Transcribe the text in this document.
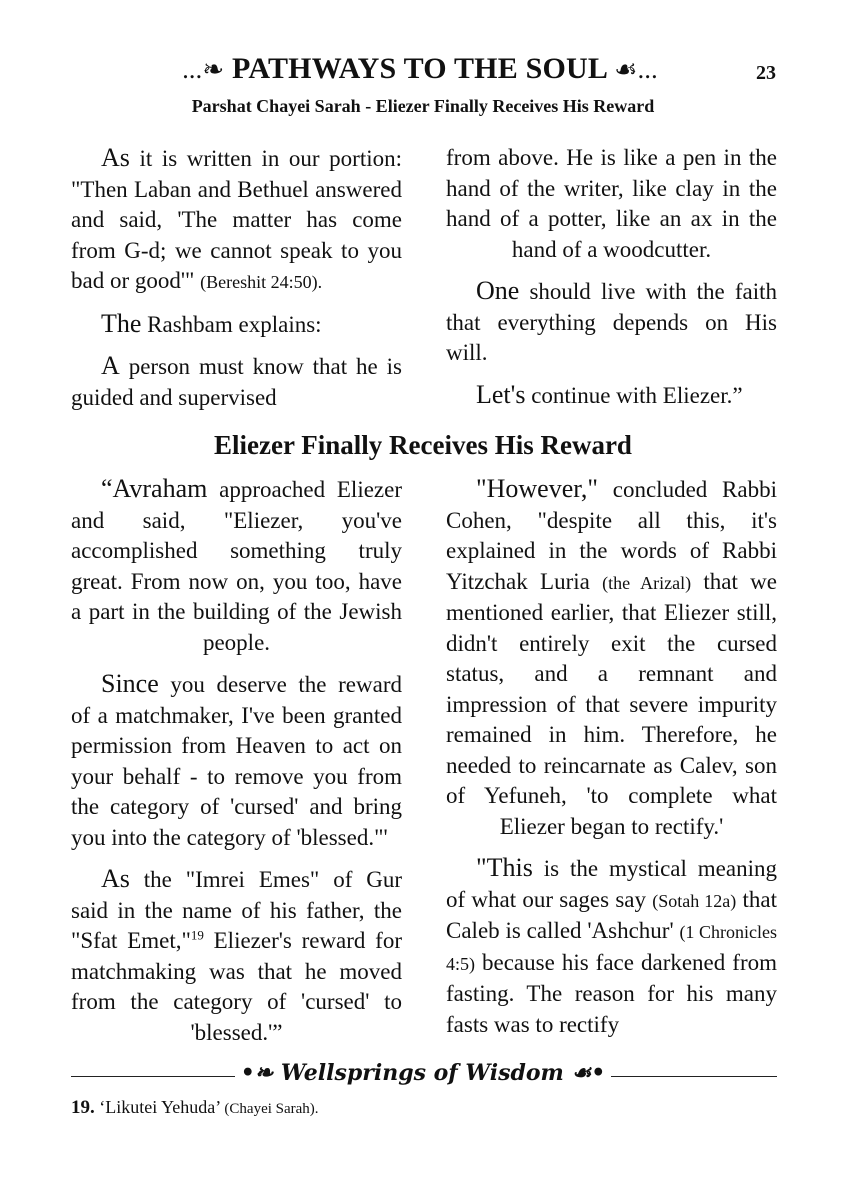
...❧ PATHWAYS TO THE SOUL ☙...	23
Parshat Chayei Sarah - Eliezer Finally Receives His Reward

As it is written in our portion: "Then Laban and Bethuel answered and said, 'The matter has come from G-d; we cannot speak to you bad or good'" (Bereshit 24:50).

The Rashbam explains:

A person must know that he is guided and supervised

from above. He is like a pen in the hand of the writer, like clay in the hand of a potter, like an ax in the hand of a woodcutter.

One should live with the faith that everything depends on His will.

Let's continue with Eliezer.”

Eliezer Finally Receives His Reward

“Avraham approached Eliezer and said, "Eliezer, you've accomplished something truly great. From now on, you too, have a part in the building of the Jewish people.

Since you deserve the reward of a matchmaker, I've been granted permission from Heaven to act on your behalf - to remove you from the category of 'cursed' and bring you into the category of 'blessed."'

As the "Imrei Emes" of Gur said in the name of his father, the "Sfat Emet,"$^{19}$ Eliezer's reward for matchmaking was that he moved from the category of 'cursed' to 'blessed.'”

"However," concluded Rabbi Cohen, "despite all this, it's explained in the words of Rabbi Yitzchak Luria (the Arizal) that we mentioned earlier, that Eliezer still, didn't entirely exit the cursed status, and a remnant and impression of that severe impurity remained in him. Therefore, he needed to reincarnate as Calev, son of Yefuneh, 'to complete what Eliezer began to rectify.'

"This is the mystical meaning of what our sages say (Sotah 12a) that Caleb is called 'Ashchur' (1 Chronicles 4:5) because his face darkened from fasting. The reason for his many fasts was to rectify

•❧ Wellsprings of Wisdom ☙•
19. ‘Likutei Yehuda’ (Chayei Sarah).
